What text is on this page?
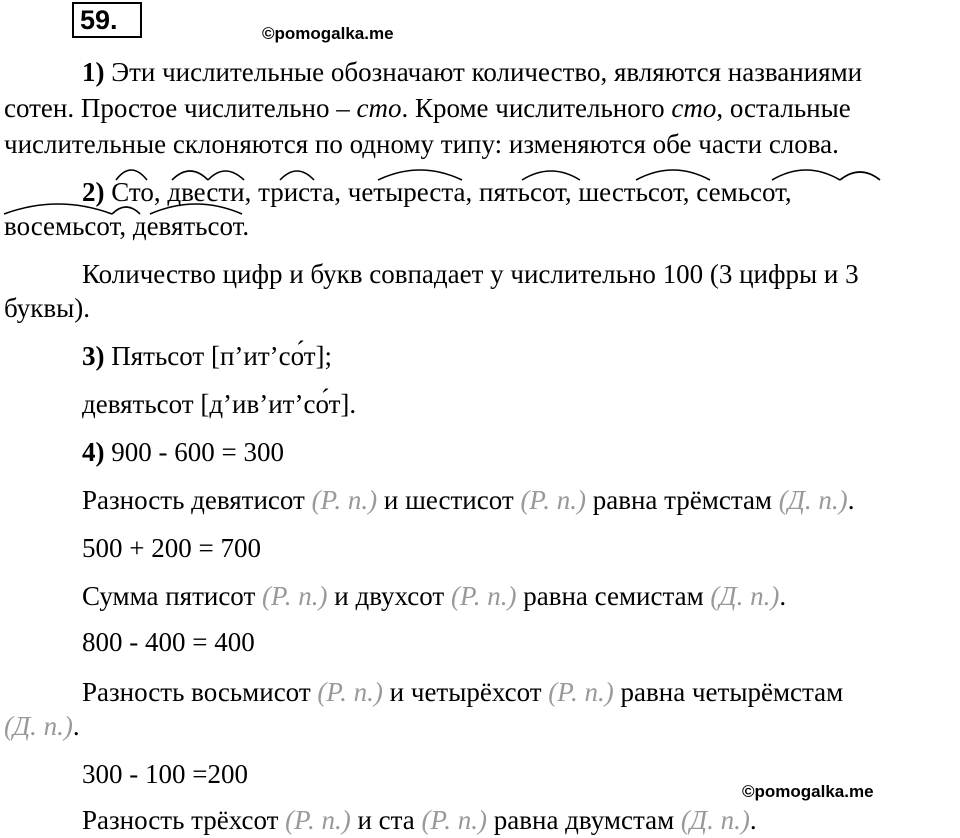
59.	©pomogalka.me
1) Эти числительные обозначают количество, являются названиями
сотен. Простое числительно – сто. Кроме числительного сто, остальные
числительные склоняются по одному типу: изменяются обе части слова.
2) Сто, двести, триста, четыреста, пятьсот, шестьсот, семьсот,
восемьсот, девятьсот.
Количество цифр и букв совпадает у числительно 100 (3 цифры и 3
буквы).
3) Пятьсот [п’ит’со́т];
девятьсот [д’ив’ит’со́т].
4) 900 - 600 = 300
Разность девятисот (Р. п.) и шестисот (Р. п.) равна трёмстам (Д. п.).
500 + 200 = 700
Сумма пятисот (Р. п.) и двухсот (Р. п.) равна семистам (Д. п.).
800 - 400 = 400
Разность восьмисот (Р. п.) и четырёхсот (Р. п.) равна четырёмстам
(Д. п.).
300 - 100 =200
©pomogalka.me
Разность трёхсот (Р. п.) и ста (Р. п.) равна двумстам (Д. п.).
